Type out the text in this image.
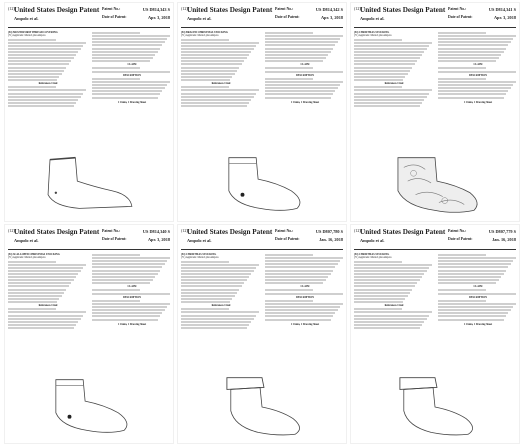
(12) United States Design Patent
Ampolo et al.
Patent No.:	US D814,343 S
Date of Patent:	Apr. 3, 2018
(54) MOUNDFORM THREAD COVERING
(71) Applicant: Maria Lynn Ampolo
References Cited
CLAIM
DESCRIPTION
1 Claim, 1 Drawing Sheet
(12) United States Design Patent
Ampolo et al.
Patent No.:	US D814,342 S
Date of Patent:	Apr. 3, 2018
(54) BRACED CHRISTMAS STOCKING
(71) Applicant: Maria Lynn Ampolo
References Cited
CLAIM
DESCRIPTION
1 Claim, 1 Drawing Sheet
(12) United States Design Patent
Ampolo et al.
Patent No.:	US D814,341 S
Date of Patent:	Apr. 3, 2018
(54) CHRISTMAS STOCKING
(71) Applicant: Maria Lynn Ampolo
References Cited
CLAIM
DESCRIPTION
1 Claim, 1 Drawing Sheet
(12) United States Design Patent
Ampolo et al.
Patent No.:	US D814,340 S
Date of Patent:	Apr. 3, 2018
(54) SCALLOPED CHRISTMAS STOCKING
(71) Applicant: Maria Lynn Ampolo
References Cited
CLAIM
DESCRIPTION
1 Claim, 1 Drawing Sheet
(12) United States Design Patent
Ampolo et al.
Patent No.:	US D807,780 S
Date of Patent:	Jan. 16, 2018
(54) CHRISTMAS STOCKING
(71) Applicant: Maria Lynn Ampolo
References Cited
CLAIM
DESCRIPTION
1 Claim, 1 Drawing Sheet
(12) United States Design Patent
Ampolo et al.
Patent No.:	US D807,779 S
Date of Patent:	Jan. 16, 2018
(54) CHRISTMAS STOCKING
(71) Applicant: Maria Lynn Ampolo
References Cited
CLAIM
DESCRIPTION
1 Claim, 1 Drawing Sheet
